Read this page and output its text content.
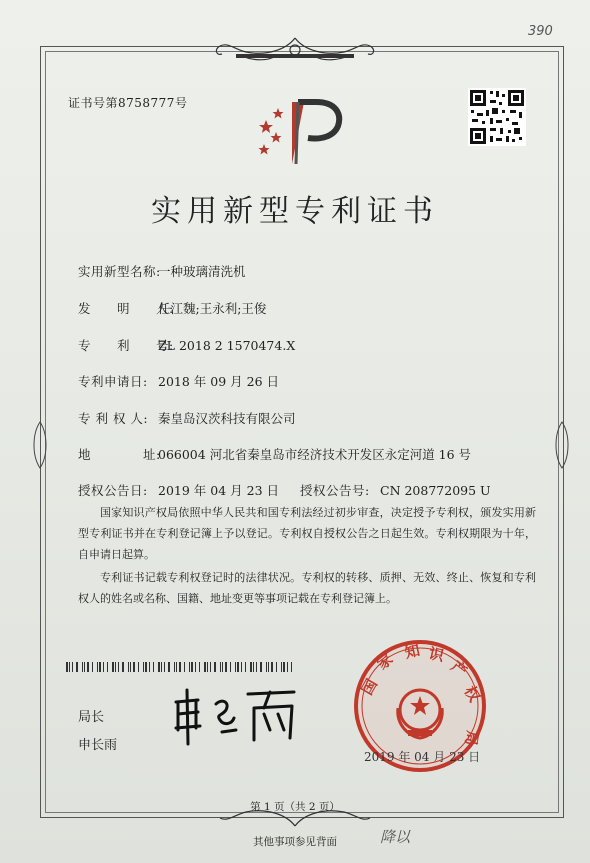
390
证书号第8758777号
实用新型专利证书
实用新型名称:一种玻璃清洗机
发　　明　　人:任江魏;王永利;王俊
专　　利　　号:ZL 2018 2 1570474.X
专利申请日: 2018 年 09 月 26 日
专 利 权 人: 秦皇岛汉茨科技有限公司
地　　　　址:066004 河北省秦皇岛市经济技术开发区永定河道 16 号
授权公告日: 2019 年 04 月 23 日 授权公告号: CN 208772095 U

国家知识产权局依照中华人民共和国专利法经过初步审查，决定授予专利权，颁发实用新型专利证书并在专利登记簿上予以登记。专利权自授权公告之日起生效。专利权期限为十年，自申请日起算。

专利证书记载专利权登记时的法律状况。专利权的转移、质押、无效、终止、恢复和专利权人的姓名或名称、国籍、地址变更等事项记载在专利登记簿上。

局长
申长雨
国
家 知 识
产
权
局
2019 年 04 月 23 日
第 1 页（共 2 页）
其他事项参见背面	降以
